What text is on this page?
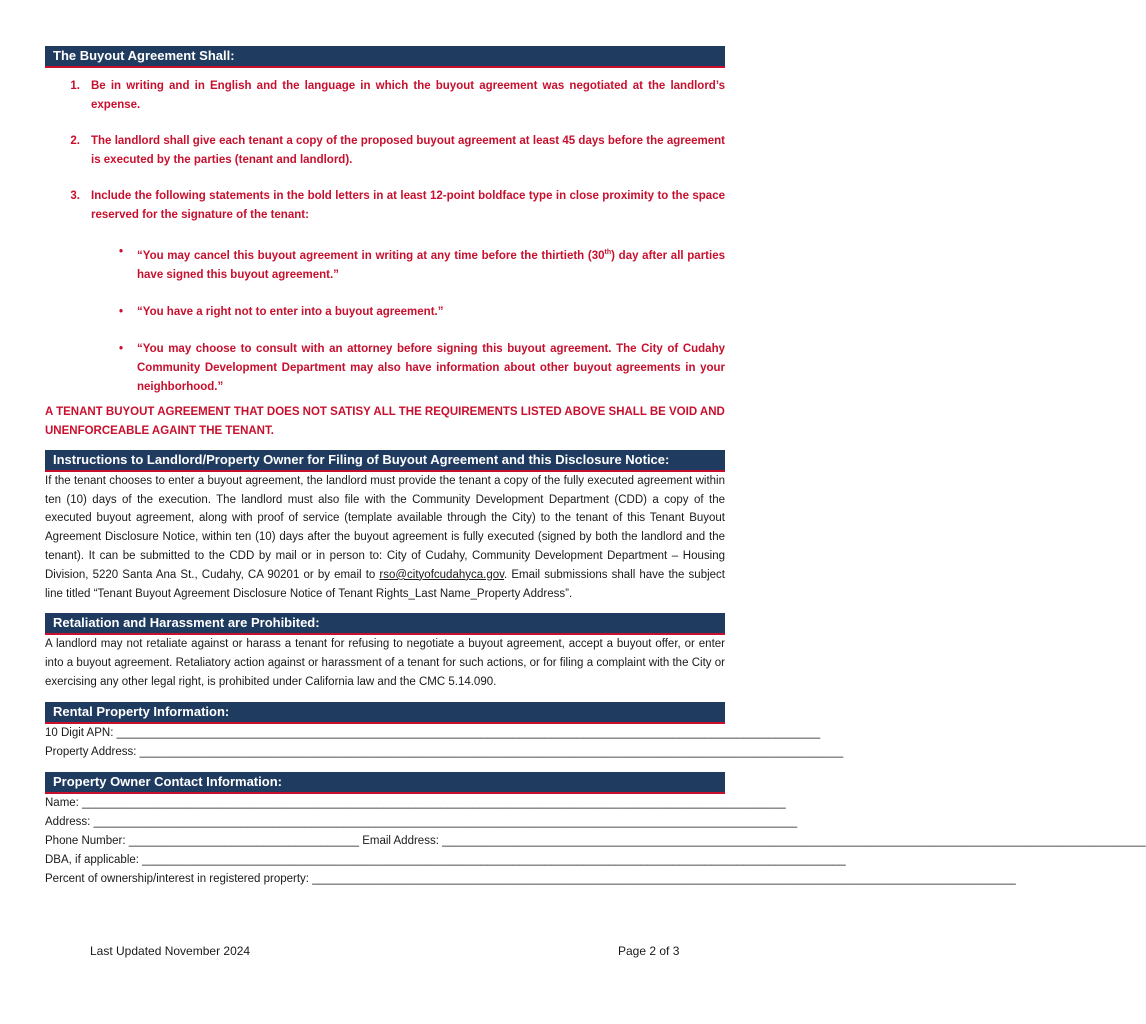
The Buyout Agreement Shall:
1. Be in writing and in English and the language in which the buyout agreement was negotiated at the landlord’s expense.
2. The landlord shall give each tenant a copy of the proposed buyout agreement at least 45 days before the agreement is executed by the parties (tenant and landlord).
3. Include the following statements in the bold letters in at least 12-point boldface type in close proximity to the space reserved for the signature of the tenant:
•	“You may cancel this buyout agreement in writing at any time before the thirtieth (30th) day after all parties have signed this buyout agreement.”
•	“You have a right not to enter into a buyout agreement.”
•	“You may choose to consult with an attorney before signing this buyout agreement. The City of Cudahy Community Development Department may also have information about other buyout agreements in your neighborhood.”
A TENANT BUYOUT AGREEMENT THAT DOES NOT SATISY ALL THE REQUIREMENTS LISTED ABOVE SHALL BE VOID AND UNENFORCEABLE AGAINT THE TENANT.
Instructions to Landlord/Property Owner for Filing of Buyout Agreement and this Disclosure Notice:
If the tenant chooses to enter a buyout agreement, the landlord must provide the tenant a copy of the fully executed agreement within ten (10) days of the execution. The landlord must also file with the Community Development Department (CDD) a copy of the executed buyout agreement, along with proof of service (template available through the City) to the tenant of this Tenant Buyout Agreement Disclosure Notice, within ten (10) days after the buyout agreement is fully executed (signed by both the landlord and the tenant). It can be submitted to the CDD by mail or in person to: City of Cudahy, Community Development Department – Housing Division, 5220 Santa Ana St., Cudahy, CA 90201 or by email to rso@cityofcudahyca.gov. Email submissions shall have the subject line titled “Tenant Buyout Agreement Disclosure Notice of Tenant Rights_Last Name_Property Address”.
Retaliation and Harassment are Prohibited:
A landlord may not retaliate against or harass a tenant for refusing to negotiate a buyout agreement, accept a buyout offer, or enter into a buyout agreement. Retaliatory action against or harassment of a tenant for such actions, or for filing a complaint with the City or exercising any other legal right, is prohibited under California law and the CMC 5.14.090.
Rental Property Information:
10 Digit APN: ______________________________________________________________________________________________________________
Property Address: ______________________________________________________________________________________________________________
Property Owner Contact Information:
Name: ______________________________________________________________________________________________________________
Address: ______________________________________________________________________________________________________________
Phone Number: ____________________________________ Email Address: ______________________________________________________________________________________________________________
DBA, if applicable: ______________________________________________________________________________________________________________
Percent of ownership/interest in registered property: ______________________________________________________________________________________________________________
Last Updated November 2024	Page 2 of 3
